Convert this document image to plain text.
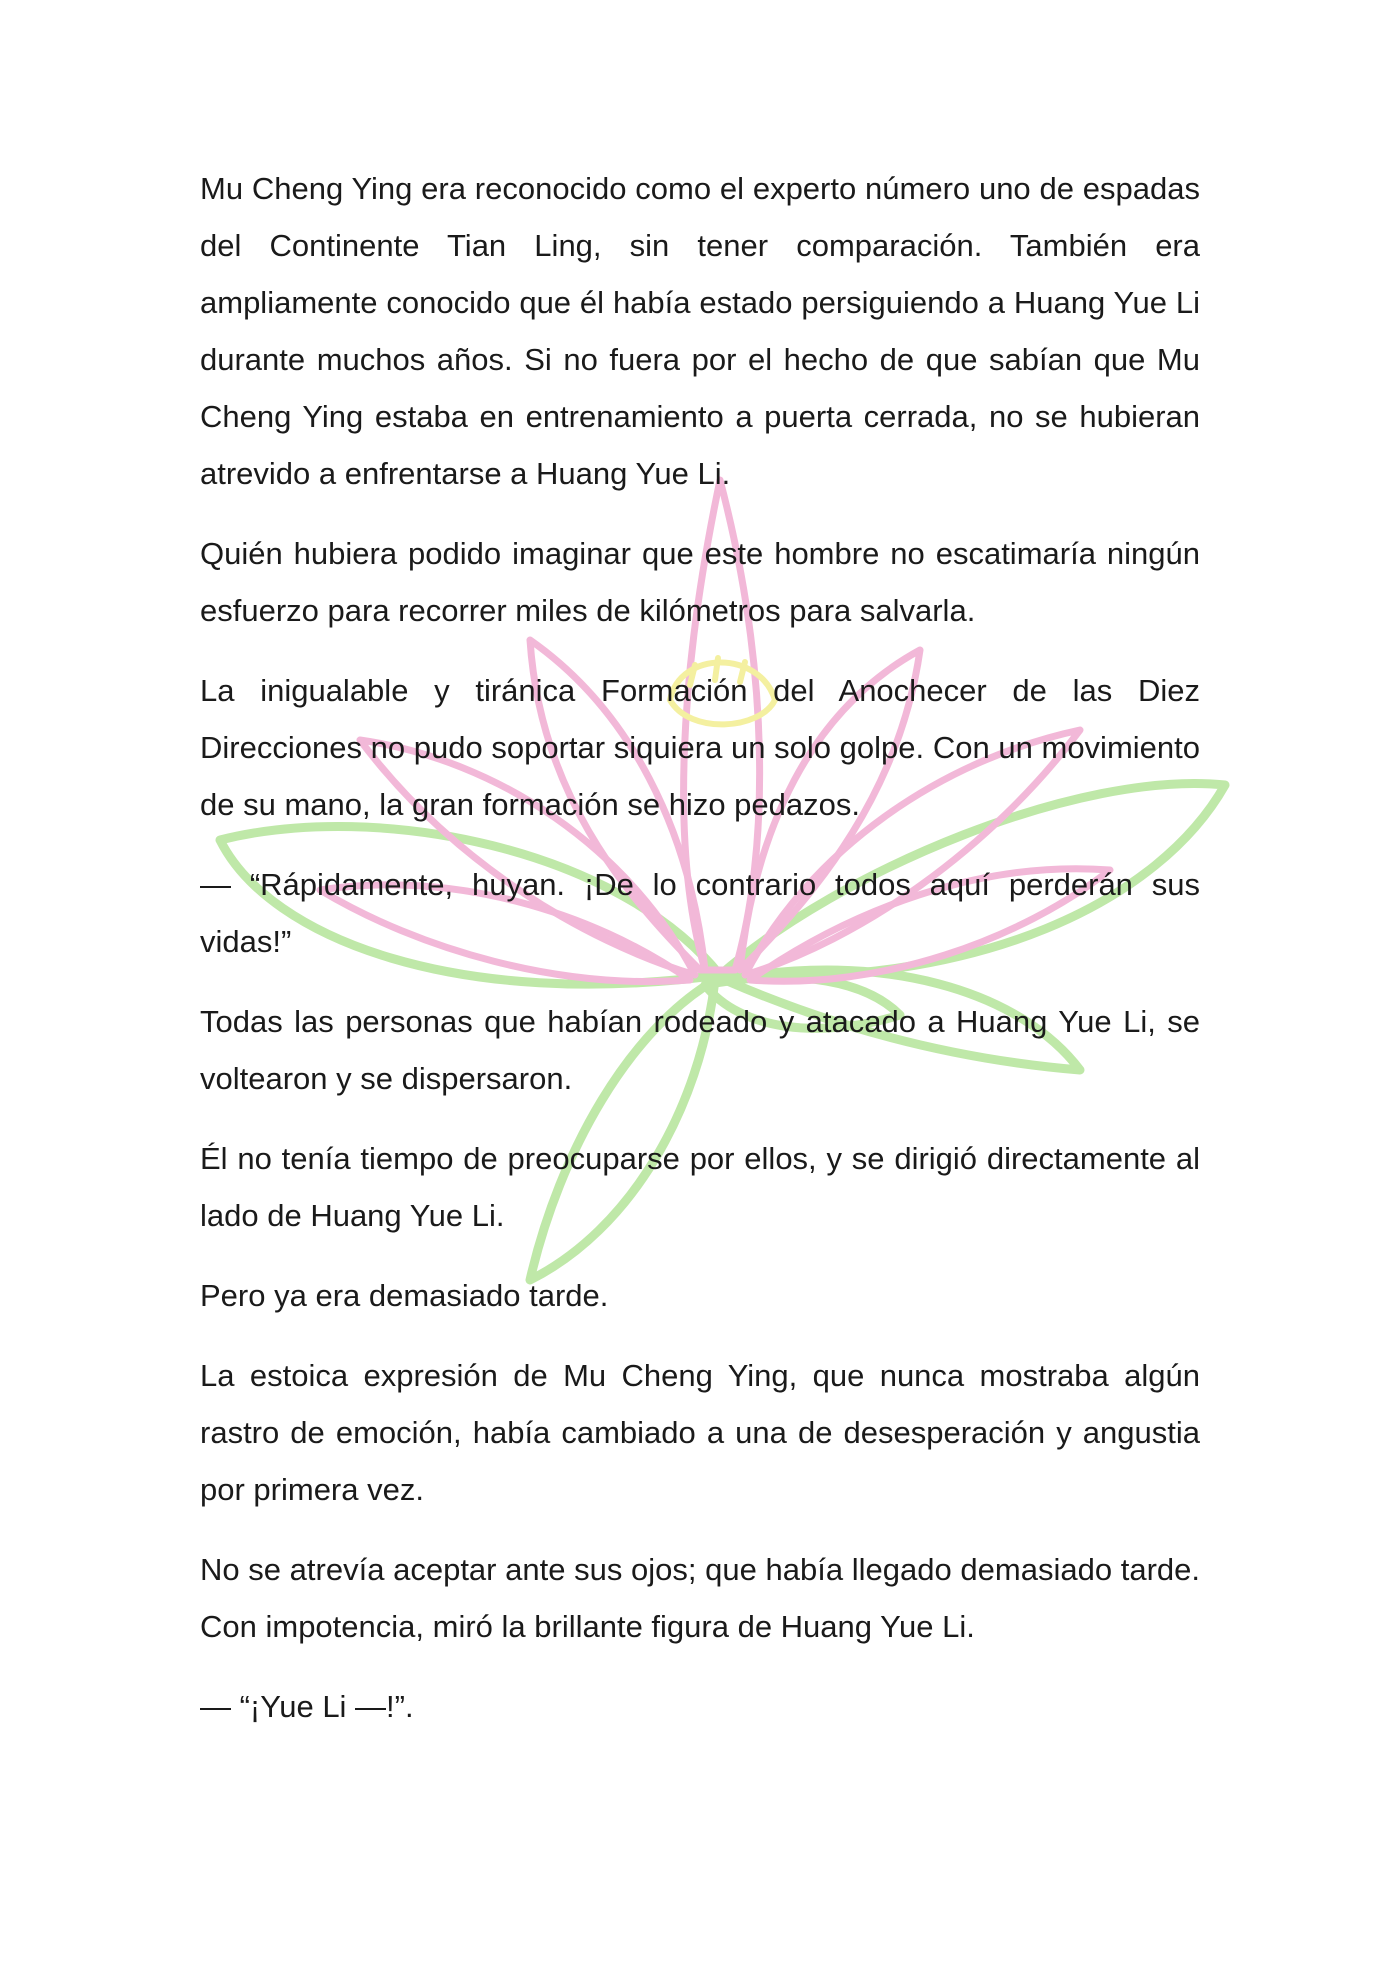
Mu Cheng Ying era reconocido como el experto número uno de espadas del Continente Tian Ling, sin tener comparación. También era ampliamente conocido que él había estado persiguiendo a Huang Yue Li durante muchos años. Si no fuera por el hecho de que sabían que Mu Cheng Ying estaba en entrenamiento a puerta cerrada, no se hubieran atrevido a enfrentarse a Huang Yue Li.

Quién hubiera podido imaginar que este hombre no escatimaría ningún esfuerzo para recorrer miles de kilómetros para salvarla.

La inigualable y tiránica Formación del Anochecer de las Diez Direcciones no pudo soportar siquiera un solo golpe. Con un movimiento de su mano, la gran formación se hizo pedazos.

— “Rápidamente, huyan. ¡De lo contrario todos aquí perderán sus vidas!”

Todas las personas que habían rodeado y atacado a Huang Yue Li, se voltearon y se dispersaron.

Él no tenía tiempo de preocuparse por ellos, y se dirigió directamente al lado de Huang Yue Li.

Pero ya era demasiado tarde.

La estoica expresión de Mu Cheng Ying, que nunca mostraba algún rastro de emoción, había cambiado a una de desesperación y angustia por primera vez.

No se atrevía aceptar ante sus ojos; que había llegado demasiado tarde. Con impotencia, miró la brillante figura de Huang Yue Li.

— “¡Yue Li —!”.
